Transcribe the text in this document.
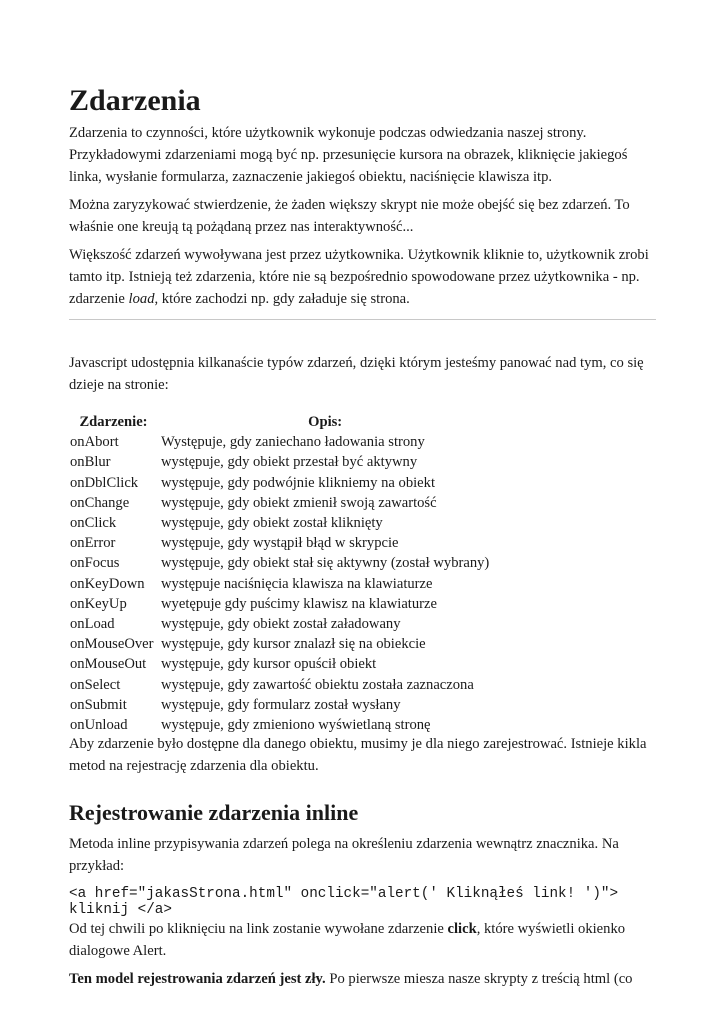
Zdarzenia

Zdarzenia to czynności, które użytkownik wykonuje podczas odwiedzania naszej strony. Przykładowymi zdarzeniami mogą być np. przesunięcie kursora na obrazek, kliknięcie jakiegoś linka, wysłanie formularza, zaznaczenie jakiegoś obiektu, naciśnięcie klawisza itp.

Można zaryzykować stwierdzenie, że żaden większy skrypt nie może obejść się bez zdarzeń. To właśnie one kreują tą pożądaną przez nas interaktywność...

Większość zdarzeń wywoływana jest przez użytkownika. Użytkownik kliknie to, użytkownik zrobi tamto itp. Istnieją też zdarzenia, które nie są bezpośrednio spowodowane przez użytkownika - np. zdarzenie load, które zachodzi np. gdy załaduje się strona.

Javascript udostępnia kilkanaście typów zdarzeń, dzięki którym jesteśmy panować nad tym, co się dzieje na stronie:

Zdarzenie:	Opis:
onAbort	Występuje, gdy zaniechano ładowania strony
onBlur	występuje, gdy obiekt przestał być aktywny
onDblClick	występuje, gdy podwójnie klikniemy na obiekt
onChange	występuje, gdy obiekt zmienił swoją zawartość
onClick	występuje, gdy obiekt został kliknięty
onError	występuje, gdy wystąpił błąd w skrypcie
onFocus	występuje, gdy obiekt stał się aktywny (został wybrany)
onKeyDown	występuje naciśnięcia klawisza na klawiaturze
onKeyUp	wyetępuje gdy puścimy klawisz na klawiaturze
onLoad	występuje, gdy obiekt został załadowany
onMouseOver	występuje, gdy kursor znalazł się na obiekcie
onMouseOut	występuje, gdy kursor opuścił obiekt
onSelect	występuje, gdy zawartość obiektu została zaznaczona
onSubmit	występuje, gdy formularz został wysłany
onUnload	występuje, gdy zmieniono wyświetlaną stronę

Aby zdarzenie było dostępne dla danego obiektu, musimy je dla niego zarejestrować. Istnieje kikla metod na rejestrację zdarzenia dla obiektu.

Rejestrowanie zdarzenia inline

Metoda inline przypisywania zdarzeń polega na określeniu zdarzenia wewnątrz znacznika. Na przykład:

<a href="jakasStrona.html" onclick="alert(' Kliknąłeś link! ')"> kliknij </a>

Od tej chwili po kliknięciu na link zostanie wywołane zdarzenie click, które wyświetli okienko dialogowe Alert.

Ten model rejestrowania zdarzeń jest zły. Po pierwsze miesza nasze skrypty z treścią html (co
